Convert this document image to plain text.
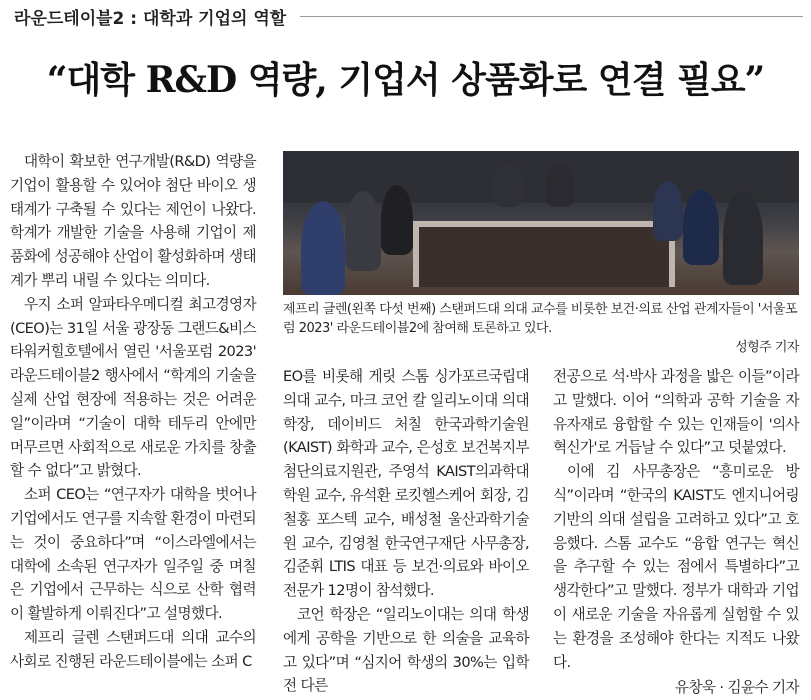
라운드테이블2 : 대학과 기업의 역할
“대학 R&D 역량, 기업서 상품화로 연결 필요”

대학이 확보한 연구개발(R&D) 역량을 기업이 활용할 수 있어야 첨단 바이오 생태계가 구축될 수 있다는 제언이 나왔다. 학계가 개발한 기술을 사용해 기업이 제품화에 성공해야 산업이 활성화하며 생태계가 뿌리 내릴 수 있다는 의미다.

우지 소퍼 알파타우메디컬 최고경영자(CEO)는 31일 서울 광장동 그랜드&비스타워커힐호텔에서 열린 '서울포럼 2023' 라운드테이블2 행사에서 “학계의 기술을 실제 산업 현장에 적용하는 것은 어려운 일”이라며 “기술이 대학 테두리 안에만 머무르면 사회적으로 새로운 가치를 창출할 수 없다”고 밝혔다.

소퍼 CEO는 “연구자가 대학을 벗어나 기업에서도 연구를 지속할 환경이 마련되는 것이 중요하다”며 “이스라엘에서는 대학에 소속된 연구자가 일주일 중 며칠은 기업에서 근무하는 식으로 산학 협력이 활발하게 이뤄진다”고 설명했다.

제프리 글렌 스탠퍼드대 의대 교수의 사회로 진행된 라운드테이블에는 소퍼 C

제프리 글렌(왼쪽 다섯 번째) 스탠퍼드대 의대 교수를 비롯한 보건·의료 산업 관계자들이 '서울포럼 2023' 라운드테이블2에 참여해 토론하고 있다.
성형주 기자

EO를 비롯해 게릿 스톰 싱가포르국립대 의대 교수, 마크 코언 칼 일리노이대 의대 학장, 데이비드 처칠 한국과학기술원(KAIST) 화학과 교수, 은성호 보건복지부 첨단의료지원관, 주영석 KAIST의과학대학원 교수, 유석환 로킷헬스케어 회장, 김철홍 포스텍 교수, 배성철 울산과학기술원 교수, 김영철 한국연구재단 사무총장, 김준휘 LTIS 대표 등 보건·의료와 바이오 전문가 12명이 참석했다.

코언 학장은 “일리노이대는 의대 학생에게 공학을 기반으로 한 의술을 교육하고 있다”며 “심지어 학생의 30%는 입학 전 다른

전공으로 석·박사 과정을 밟은 이들”이라고 말했다. 이어 “의학과 공학 기술을 자유자재로 융합할 수 있는 인재들이 '의사 혁신가'로 거듭날 수 있다”고 덧붙였다.

이에 김 사무총장은 “흥미로운 방식”이라며 “한국의 KAIST도 엔지니어링 기반의 의대 설립을 고려하고 있다”고 호응했다. 스톰 교수도 “융합 연구는 혁신을 추구할 수 있는 점에서 특별하다”고 생각한다”고 말했다. 정부가 대학과 기업이 새로운 기술을 자유롭게 실험할 수 있는 환경을 조성해야 한다는 지적도 나왔다.

유창욱 · 김윤수 기자
